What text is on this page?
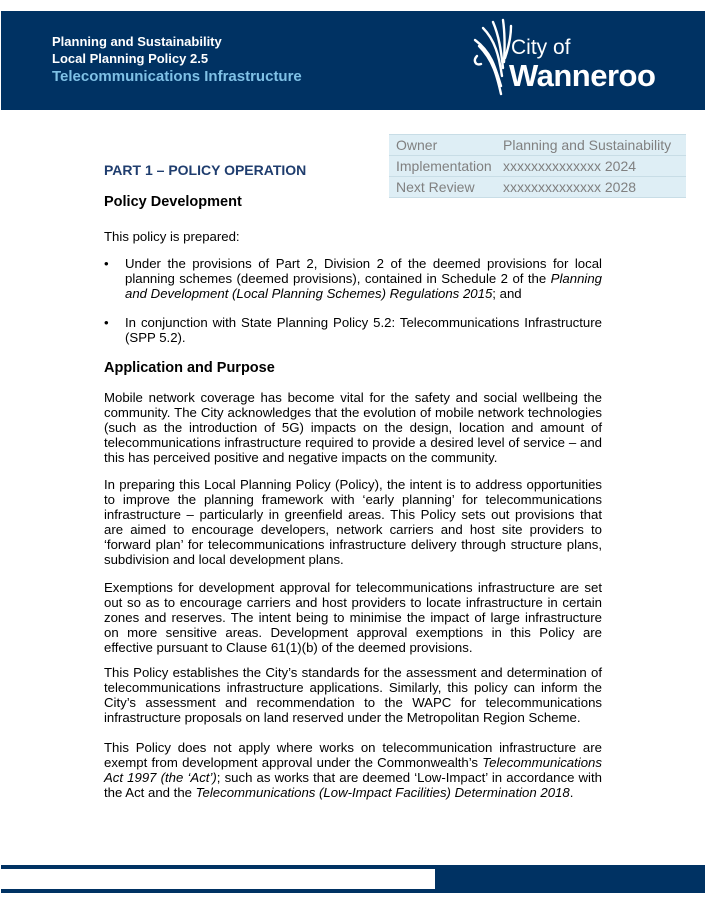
Planning and Sustainability
Local Planning Policy 2.5
Telecommunications Infrastructure
City of
Wanneroo
Owner	Planning and Sustainability
Implementation	xxxxxxxxxxxxxx 2024
Next Review	xxxxxxxxxxxxxx 2028
PART 1 – POLICY OPERATION
Policy Development
This policy is prepared:
• Under the provisions of Part 2, Division 2 of the deemed provisions for local planning schemes (deemed provisions), contained in Schedule 2 of the Planning and Development (Local Planning Schemes) Regulations 2015; and
• In conjunction with State Planning Policy 5.2: Telecommunications Infrastructure (SPP 5.2).
Application and Purpose
Mobile network coverage has become vital for the safety and social wellbeing the community. The City acknowledges that the evolution of mobile network technologies (such as the introduction of 5G) impacts on the design, location and amount of telecommunications infrastructure required to provide a desired level of service – and this has perceived positive and negative impacts on the community.
In preparing this Local Planning Policy (Policy), the intent is to address opportunities to improve the planning framework with ‘early planning’ for telecommunications infrastructure – particularly in greenfield areas. This Policy sets out provisions that are aimed to encourage developers, network carriers and host site providers to ‘forward plan’ for telecommunications infrastructure delivery through structure plans, subdivision and local development plans.
Exemptions for development approval for telecommunications infrastructure are set out so as to encourage carriers and host providers to locate infrastructure in certain zones and reserves. The intent being to minimise the impact of large infrastructure on more sensitive areas. Development approval exemptions in this Policy are effective pursuant to Clause 61(1)(b) of the deemed provisions.
This Policy establishes the City’s standards for the assessment and determination of telecommunications infrastructure applications. Similarly, this policy can inform the City’s assessment and recommendation to the WAPC for telecommunications infrastructure proposals on land reserved under the Metropolitan Region Scheme.
This Policy does not apply where works on telecommunication infrastructure are exempt from development approval under the Commonwealth’s Telecommunications Act 1997 (the ‘Act’); such as works that are deemed ‘Low-Impact’ in accordance with the Act and the Telecommunications (Low-Impact Facilities) Determination 2018.
